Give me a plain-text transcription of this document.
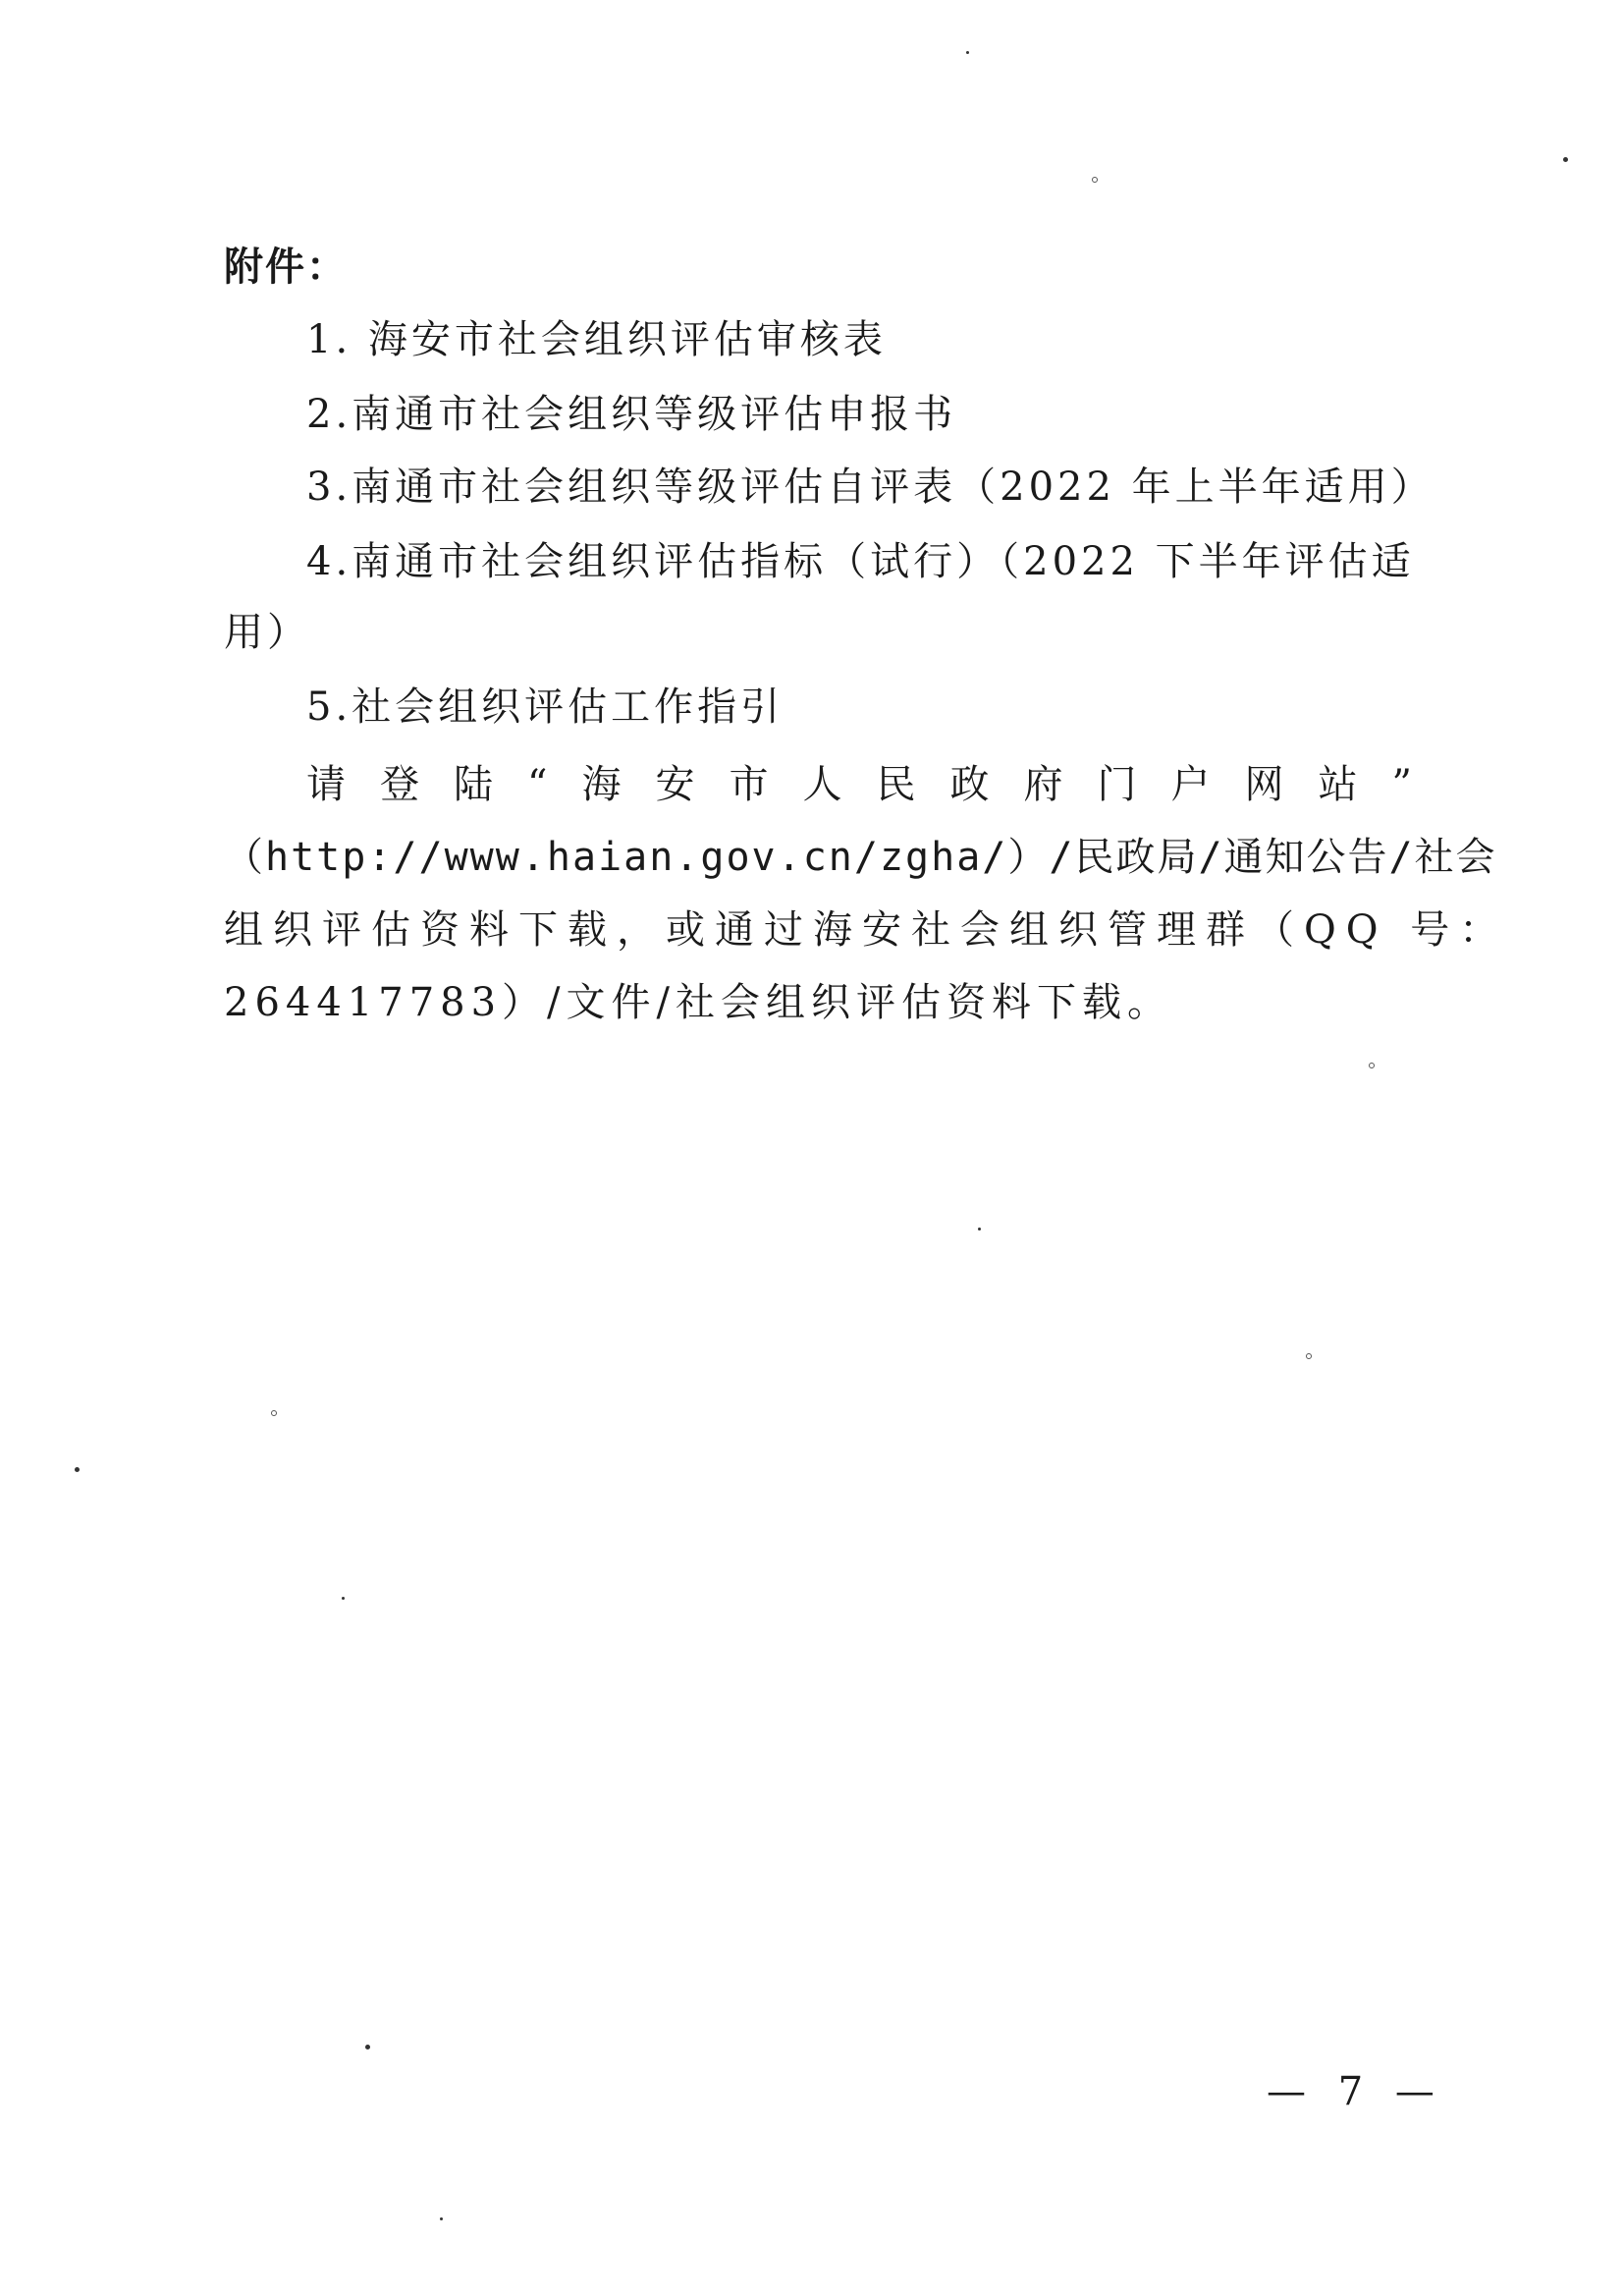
附件：
1. 海安市社会组织评估审核表
2.南通市社会组织等级评估申报书
3.南通市社会组织等级评估自评表（2022 年上半年适用）
4.南通市社会组织评估指标（试行）（2022 下半年评估适
用）
5.社会组织评估工作指引
请 登 陆 “ 海 安 市 人 民 政 府 门 户 网 站 ”
（http://www.haian.gov.cn/zgha/）/民政局/通知公告/社会
组织评估资料下载，或通过海安社会组织管理群（QQ 号：
264417783）/文件/社会组织评估资料下载。
— 7 —
